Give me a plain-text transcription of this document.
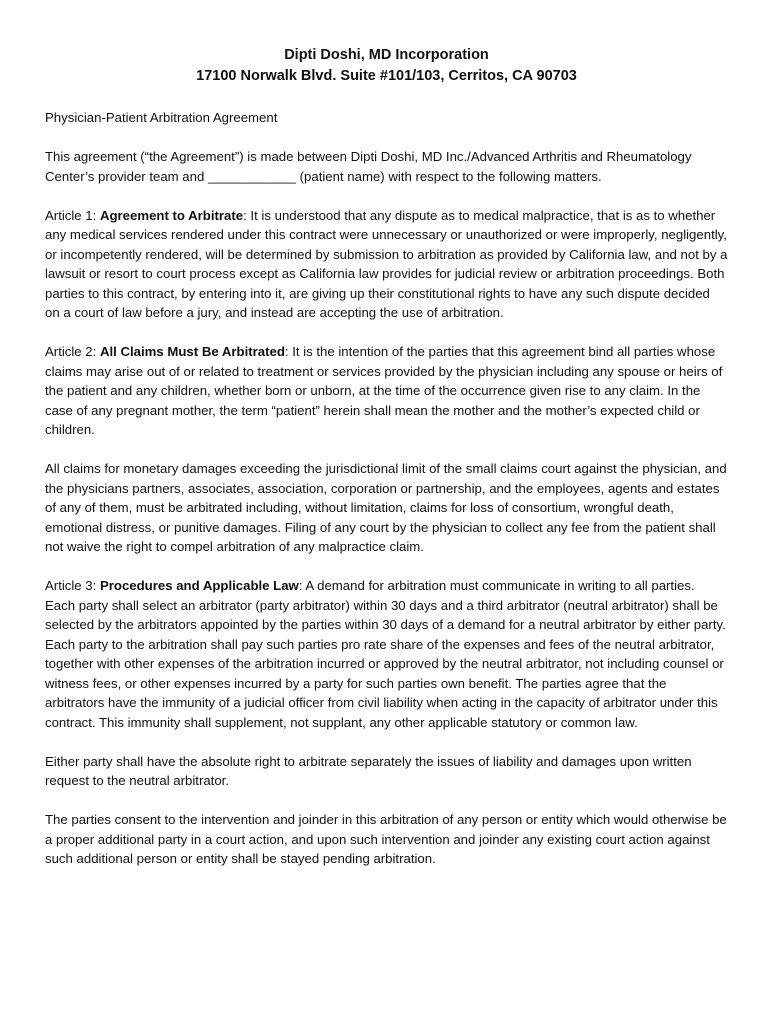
Dipti Doshi, MD Incorporation

17100 Norwalk Blvd. Suite #101/103, Cerritos, CA 90703

Physician-Patient Arbitration Agreement

This agreement (“the Agreement”) is made between Dipti Doshi, MD Inc./Advanced Arthritis and Rheumatology Center’s provider team and ____________ (patient name) with respect to the following matters.

Article 1: Agreement to Arbitrate: It is understood that any dispute as to medical malpractice, that is as to whether any medical services rendered under this contract were unnecessary or unauthorized or were improperly, negligently, or incompetently rendered, will be determined by submission to arbitration as provided by California law, and not by a lawsuit or resort to court process except as California law provides for judicial review or arbitration proceedings. Both parties to this contract, by entering into it, are giving up their constitutional rights to have any such dispute decided on a court of law before a jury, and instead are accepting the use of arbitration.

Article 2: All Claims Must Be Arbitrated: It is the intention of the parties that this agreement bind all parties whose claims may arise out of or related to treatment or services provided by the physician including any spouse or heirs of the patient and any children, whether born or unborn, at the time of the occurrence given rise to any claim. In the case of any pregnant mother, the term “patient” herein shall mean the mother and the mother’s expected child or children.

All claims for monetary damages exceeding the jurisdictional limit of the small claims court against the physician, and the physicians partners, associates, association, corporation or partnership, and the employees, agents and estates of any of them, must be arbitrated including, without limitation, claims for loss of consortium, wrongful death, emotional distress, or punitive damages. Filing of any court by the physician to collect any fee from the patient shall not waive the right to compel arbitration of any malpractice claim.

Article 3: Procedures and Applicable Law: A demand for arbitration must communicate in writing to all parties. Each party shall select an arbitrator (party arbitrator) within 30 days and a third arbitrator (neutral arbitrator) shall be selected by the arbitrators appointed by the parties within 30 days of a demand for a neutral arbitrator by either party. Each party to the arbitration shall pay such parties pro rate share of the expenses and fees of the neutral arbitrator, together with other expenses of the arbitration incurred or approved by the neutral arbitrator, not including counsel or witness fees, or other expenses incurred by a party for such parties own benefit. The parties agree that the arbitrators have the immunity of a judicial officer from civil liability when acting in the capacity of arbitrator under this contract. This immunity shall supplement, not supplant, any other applicable statutory or common law.

Either party shall have the absolute right to arbitrate separately the issues of liability and damages upon written request to the neutral arbitrator.

The parties consent to the intervention and joinder in this arbitration of any person or entity which would otherwise be a proper additional party in a court action, and upon such intervention and joinder any existing court action against such additional person or entity shall be stayed pending arbitration.
